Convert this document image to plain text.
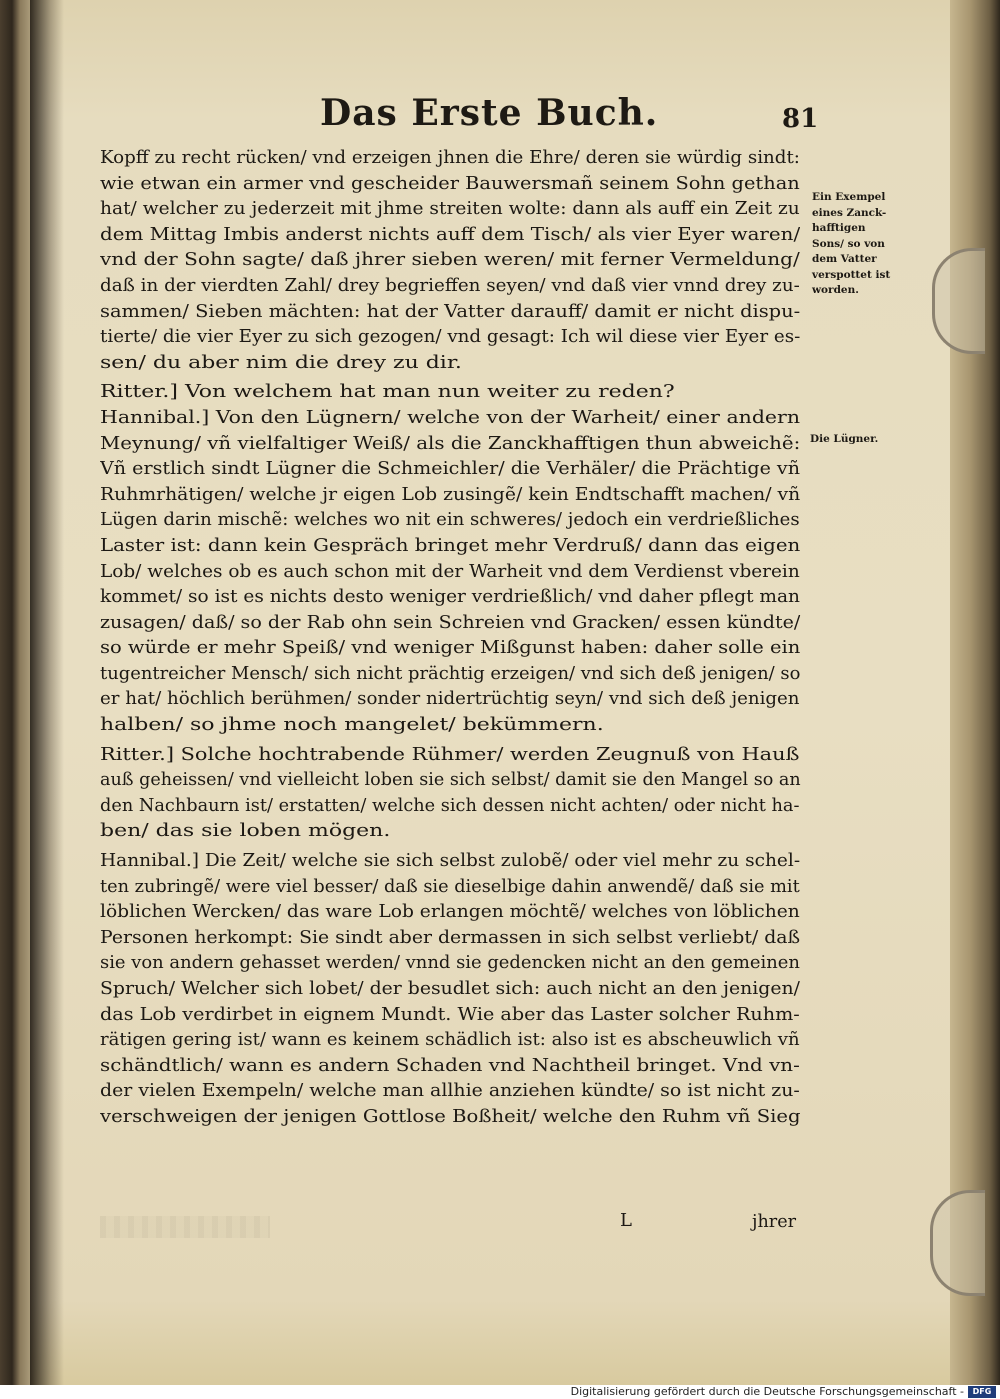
Das Erste Buch.	81
Kopff zu recht rücken/ vnd erzeigen jhnen die Ehre/ deren sie würdig sindt:
wie etwan ein armer vnd gescheider Bauwersmañ seinem Sohn gethan
hat/ welcher zu jederzeit mit jhme streiten wolte: dann als auff ein Zeit zu
dem Mittag Imbis anderst nichts auff dem Tisch/ als vier Eyer waren/
vnd der Sohn sagte/ daß jhrer sieben weren/ mit ferner Vermeldung/
daß in der vierdten Zahl/ drey begrieffen seyen/ vnd daß vier vnnd drey zu-
sammen/ Sieben mächten: hat der Vatter darauff/ damit er nicht dispu-
tierte/ die vier Eyer zu sich gezogen/ vnd gesagt: Ich wil diese vier Eyer es-
sen/ du aber nim die drey zu dir.
Ritter.] Von welchem hat man nun weiter zu reden?
Hannibal.] Von den Lügnern/ welche von der Warheit/ einer andern
Meynung/ vñ vielfaltiger Weiß/ als die Zanckhafftigen thun abweichẽ:
Vñ erstlich sindt Lügner die Schmeichler/ die Verhäler/ die Prächtige vñ
Ruhmrhätigen/ welche jr eigen Lob zusingẽ/ kein Endtschafft machen/ vñ
Lügen darin mischẽ: welches wo nit ein schweres/ jedoch ein verdrießliches
Laster ist: dann kein Gespräch bringet mehr Verdruß/ dann das eigen
Lob/ welches ob es auch schon mit der Warheit vnd dem Verdienst vberein
kommet/ so ist es nichts desto weniger verdrießlich/ vnd daher pflegt man
zusagen/ daß/ so der Rab ohn sein Schreien vnd Gracken/ essen kündte/
so würde er mehr Speiß/ vnd weniger Mißgunst haben: daher solle ein
tugentreicher Mensch/ sich nicht prächtig erzeigen/ vnd sich deß jenigen/ so
er hat/ höchlich berühmen/ sonder nidertrüchtig seyn/ vnd sich deß jenigen
halben/ so jhme noch mangelet/ bekümmern.
Ritter.] Solche hochtrabende Rühmer/ werden Zeugnuß von Hauß
auß geheissen/ vnd vielleicht loben sie sich selbst/ damit sie den Mangel so an
den Nachbaurn ist/ erstatten/ welche sich dessen nicht achten/ oder nicht ha-
ben/ das sie loben mögen.
Hannibal.] Die Zeit/ welche sie sich selbst zulobẽ/ oder viel mehr zu schel-
ten zubringẽ/ were viel besser/ daß sie dieselbige dahin anwendẽ/ daß sie mit
löblichen Wercken/ das ware Lob erlangen möchtẽ/ welches von löblichen
Personen herkompt: Sie sindt aber dermassen in sich selbst verliebt/ daß
sie von andern gehasset werden/ vnnd sie gedencken nicht an den gemeinen
Spruch/ Welcher sich lobet/ der besudlet sich: auch nicht an den jenigen/
das Lob verdirbet in eignem Mundt. Wie aber das Laster solcher Ruhm-
rätigen gering ist/ wann es keinem schädlich ist: also ist es abscheuwlich vñ
schändtlich/ wann es andern Schaden vnd Nachtheil bringet. Vnd vn-
der vielen Exempeln/ welche man allhie anziehen kündte/ so ist nicht zu-
verschweigen der jenigen Gottlose Boßheit/ welche den Ruhm vñ Sieg
Ein Exempel
eines Zanck-
hafftigen
Sons/ so von
dem Vatter
verspottet ist
worden.
Die Lügner.
L	jhrer
Digitalisierung gefördert durch die Deutsche Forschungsgemeinschaft -	DFG
